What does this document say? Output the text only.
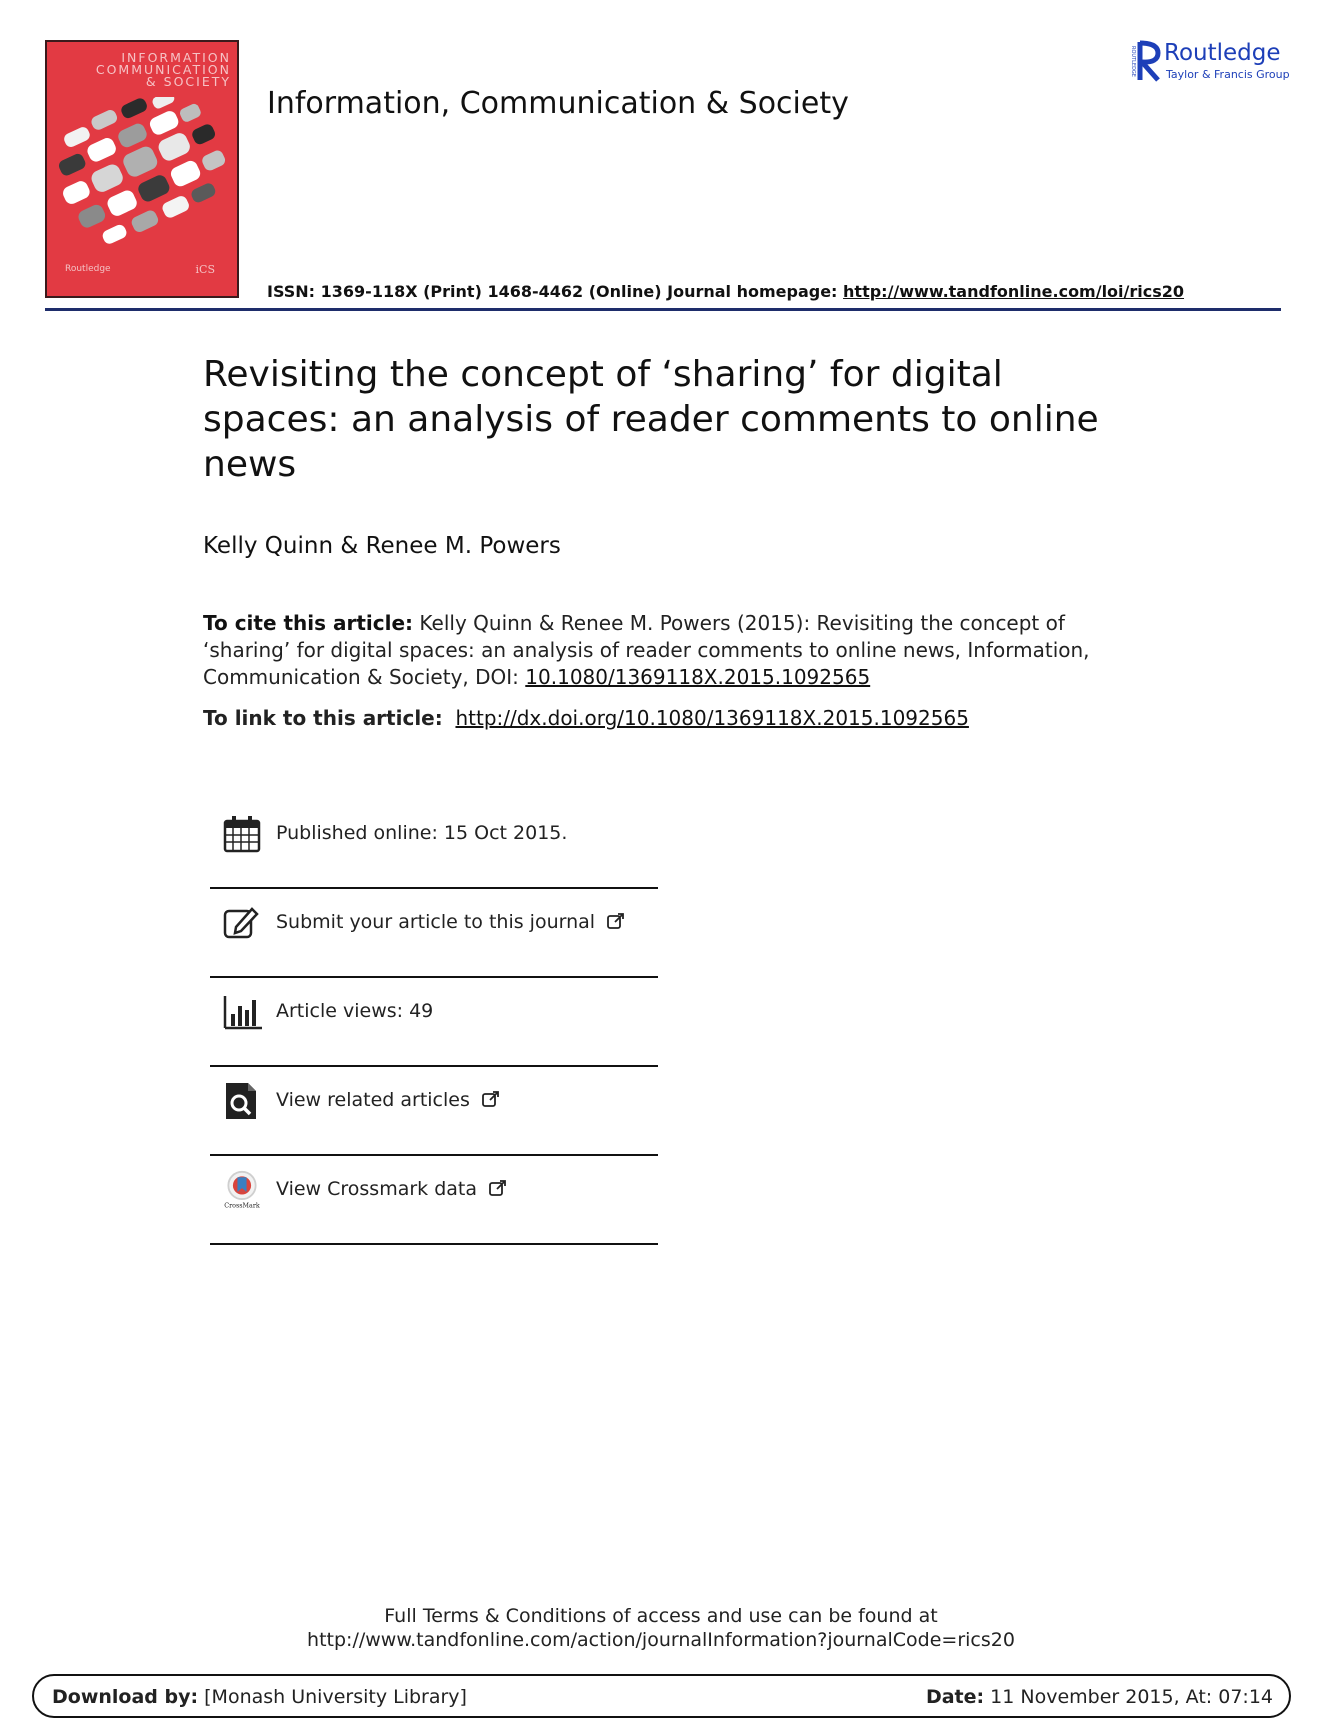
INFORMATION
COMMUNICATION
& SOCIETY
Routledge	iCS
Information, Communication & Society
ROUTLEDGE Routledge
Taylor & Francis Group
ISSN: 1369-118X (Print) 1468-4462 (Online) Journal homepage: http://www.tandfonline.com/loi/rics20
Revisiting the concept of ‘sharing’ for digital spaces: an analysis of reader comments to online news
Kelly Quinn & Renee M. Powers
To cite this article: Kelly Quinn & Renee M. Powers (2015): Revisiting the concept of ‘sharing’ for digital spaces: an analysis of reader comments to online news, Information, Communication & Society, DOI: 10.1080/1369118X.2015.1092565
To link to this article: http://dx.doi.org/10.1080/1369118X.2015.1092565
Published online: 15 Oct 2015.
Submit your article to this journal
Article views: 49
View related articles
CrossMark
View Crossmark data
Full Terms & Conditions of access and use can be found at
http://www.tandfonline.com/action/journalInformation?journalCode=rics20
Download by: [Monash University Library]	Date: 11 November 2015, At: 07:14
